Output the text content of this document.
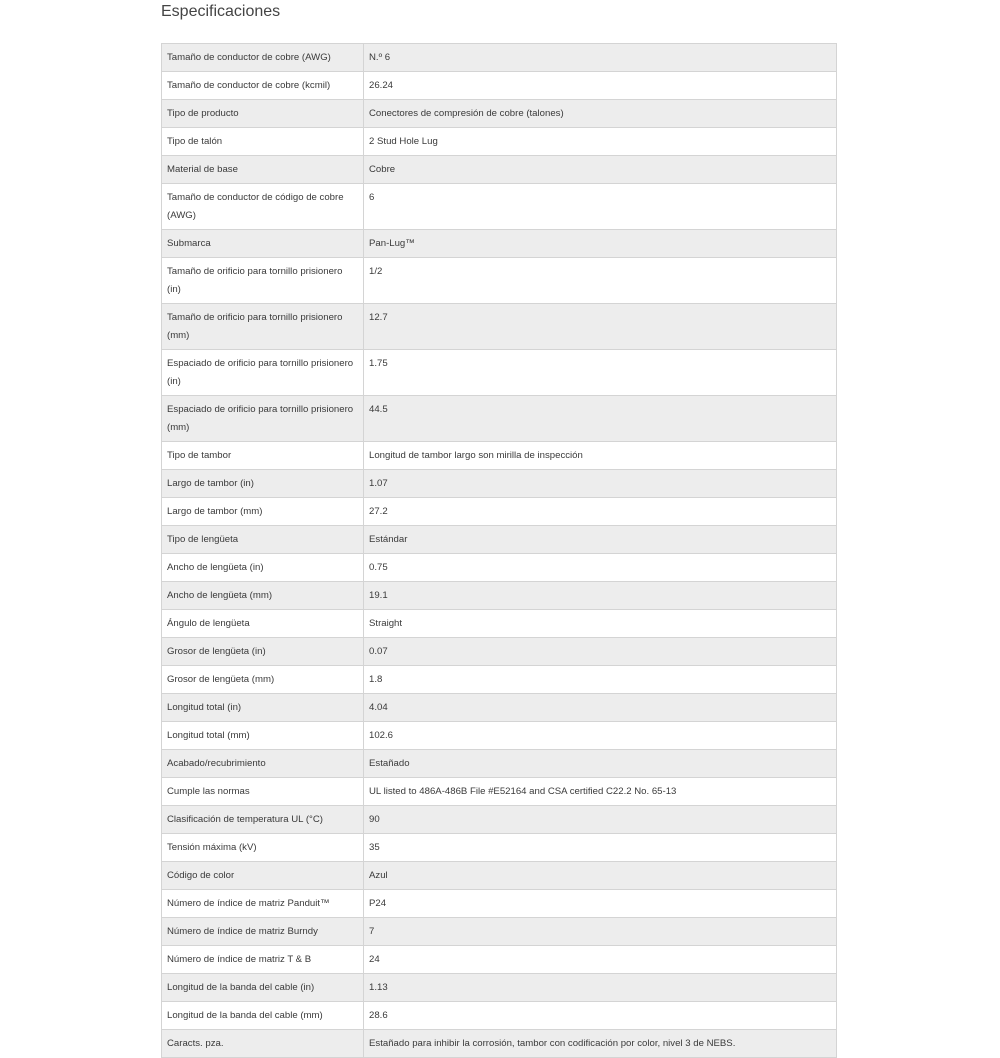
Especificaciones
Tamaño de conductor de cobre (AWG)	N.º 6
Tamaño de conductor de cobre (kcmil)	26.24
Tipo de producto	Conectores de compresión de cobre (talones)
Tipo de talón	2 Stud Hole Lug
Material de base	Cobre
Tamaño de conductor de código de cobre (AWG)	6
Submarca	Pan-Lug™
Tamaño de orificio para tornillo prisionero (in)	1/2
Tamaño de orificio para tornillo prisionero (mm)	12.7
Espaciado de orificio para tornillo prisionero (in)	1.75
Espaciado de orificio para tornillo prisionero (mm)	44.5
Tipo de tambor	Longitud de tambor largo son mirilla de inspección
Largo de tambor (in)	1.07
Largo de tambor (mm)	27.2
Tipo de lengüeta	Estándar
Ancho de lengüeta (in)	0.75
Ancho de lengüeta (mm)	19.1
Ángulo de lengüeta	Straight
Grosor de lengüeta (in)	0.07
Grosor de lengüeta (mm)	1.8
Longitud total (in)	4.04
Longitud total (mm)	102.6
Acabado/recubrimiento	Estañado
Cumple las normas	UL listed to 486A-486B File #E52164 and CSA certified C22.2 No. 65-13
Clasificación de temperatura UL (°C)	90
Tensión máxima (kV)	35
Código de color	Azul
Número de índice de matriz Panduit™	P24
Número de índice de matriz Burndy	7
Número de índice de matriz T & B	24
Longitud de la banda del cable (in)	1.13
Longitud de la banda del cable (mm)	28.6
Caracts. pza.	Estañado para inhibir la corrosión, tambor con codificación por color, nivel 3 de NEBS.
